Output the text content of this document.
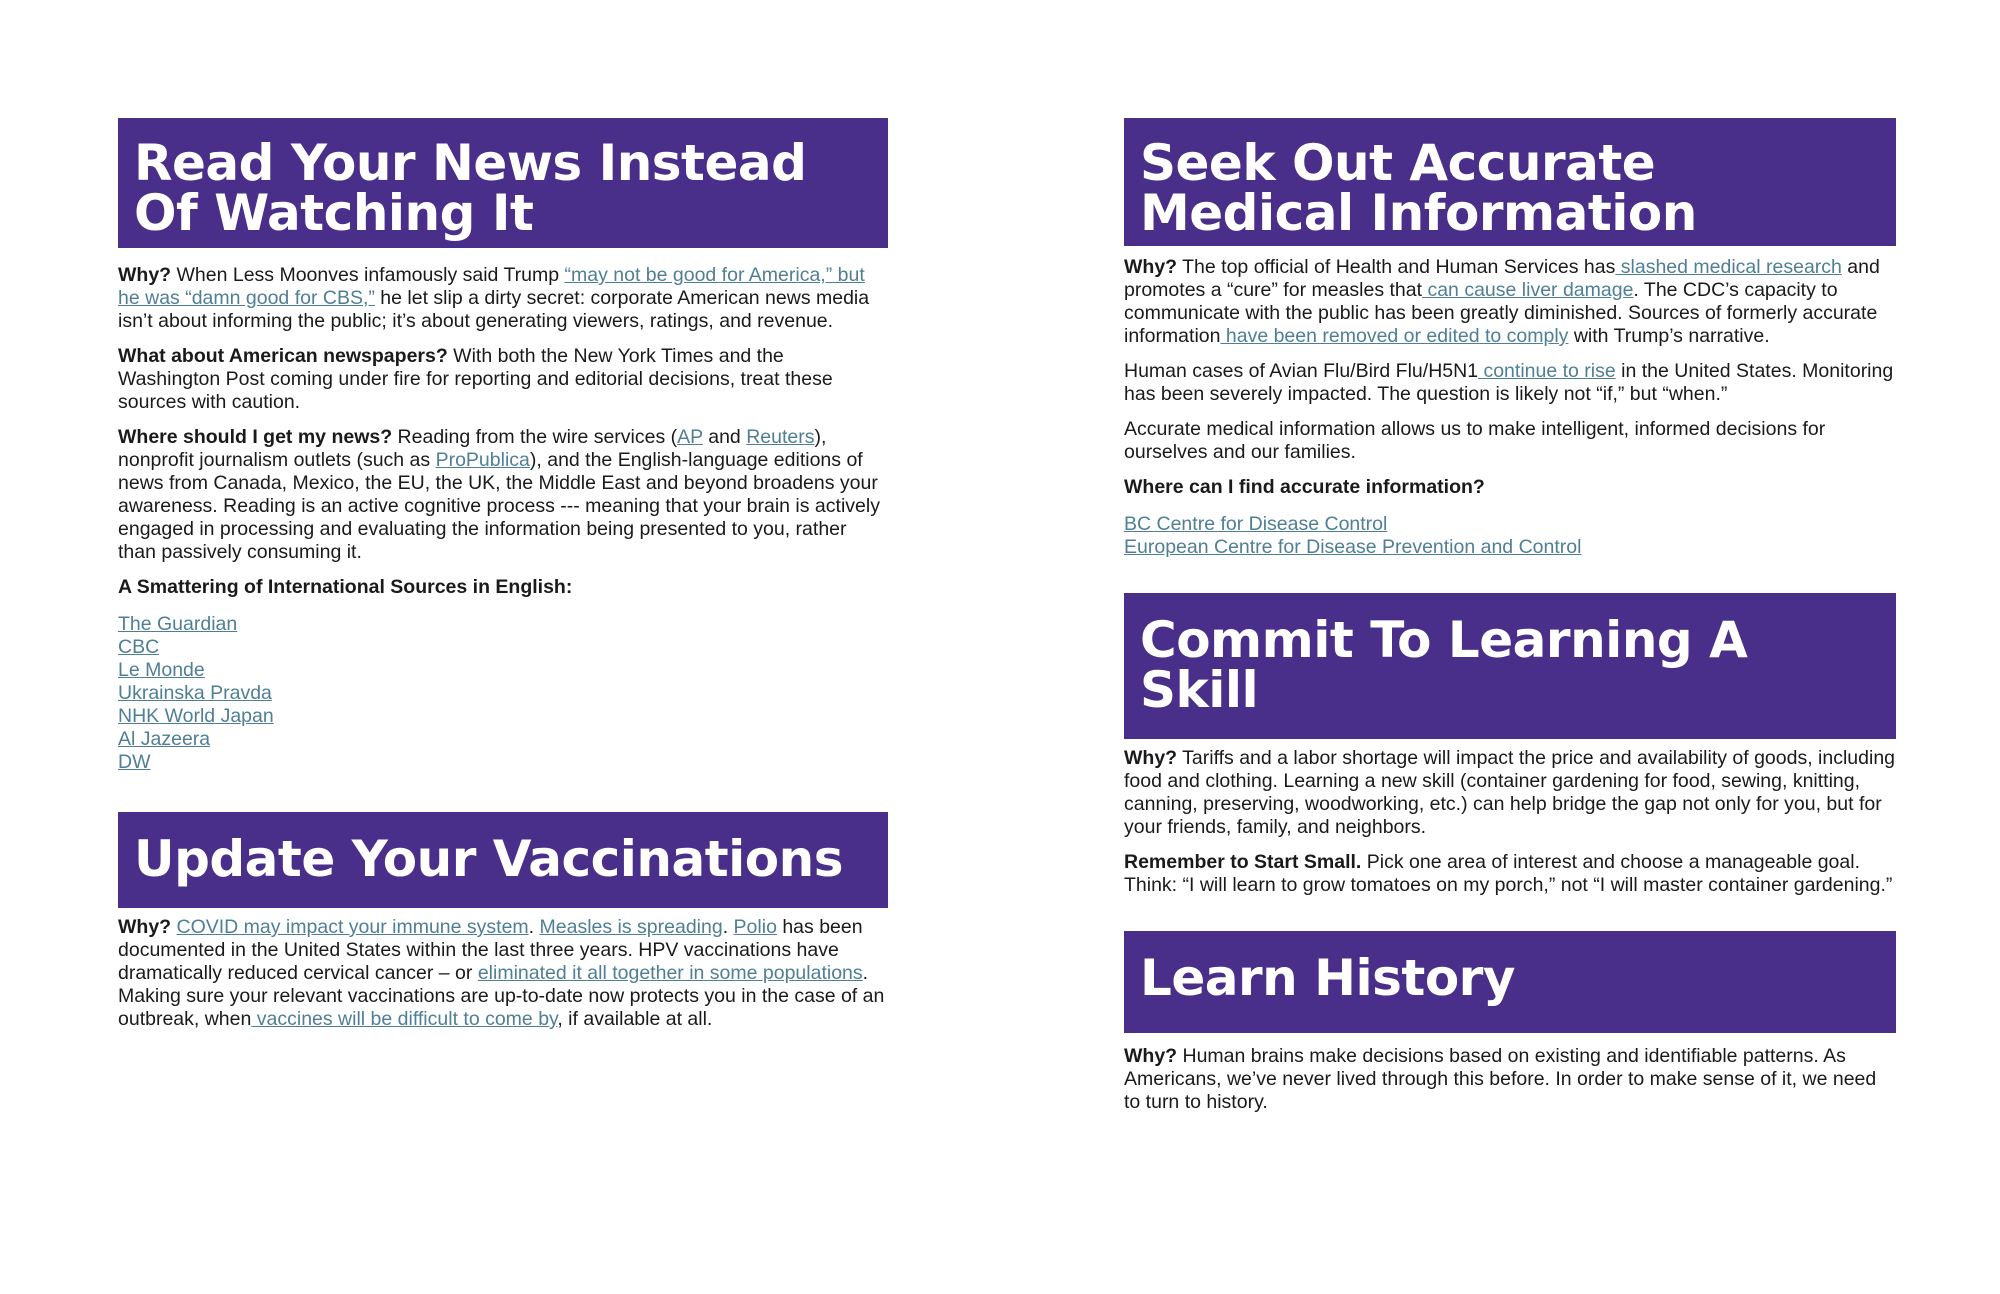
Read Your News Instead Of Watching It

Why? When Less Moonves infamously said Trump “may not be good for America,” but he was “damn good for CBS,” he let slip a dirty secret: corporate American news media isn’t about informing the public; it’s about generating viewers, ratings, and revenue.

What about American newspapers? With both the New York Times and the Washington Post coming under fire for reporting and editorial decisions, treat these sources with caution.

Where should I get my news? Reading from the wire services (AP and Reuters), nonprofit journalism outlets (such as ProPublica), and the English-language editions of news from Canada, Mexico, the EU, the UK, the Middle East and beyond broadens your awareness. Reading is an active cognitive process --- meaning that your brain is actively engaged in processing and evaluating the information being presented to you, rather than passively consuming it.

A Smattering of International Sources in English:

The Guardian
CBC
Le Monde
Ukrainska Pravda
NHK World Japan
Al Jazeera
DW
Update Your Vaccinations

Why? COVID may impact your immune system. Measles is spreading. Polio has been documented in the United States within the last three years. HPV vaccinations have dramatically reduced cervical cancer – or eliminated it all together in some populations. Making sure your relevant vaccinations are up-to-date now protects you in the case of an outbreak, when vaccines will be difficult to come by, if available at all.

Seek Out Accurate Medical Information

Why? The top official of Health and Human Services has slashed medical research and promotes a “cure” for measles that can cause liver damage. The CDC’s capacity to communicate with the public has been greatly diminished. Sources of formerly accurate information have been removed or edited to comply with Trump’s narrative.

Human cases of Avian Flu/Bird Flu/H5N1 continue to rise in the United States. Monitoring has been severely impacted. The question is likely not “if,” but “when.”

Accurate medical information allows us to make intelligent, informed decisions for ourselves and our families.

Where can I find accurate information?

BC Centre for Disease Control
European Centre for Disease Prevention and Control
Commit To Learning A Skill

Why? Tariffs and a labor shortage will impact the price and availability of goods, including food and clothing. Learning a new skill (container gardening for food, sewing, knitting, canning, preserving, woodworking, etc.) can help bridge the gap not only for you, but for your friends, family, and neighbors.

Remember to Start Small. Pick one area of interest and choose a manageable goal. Think: “I will learn to grow tomatoes on my porch,” not “I will master container gardening.”

Learn History

Why? Human brains make decisions based on existing and identifiable patterns. As Americans, we’ve never lived through this before. In order to make sense of it, we need to turn to history.
